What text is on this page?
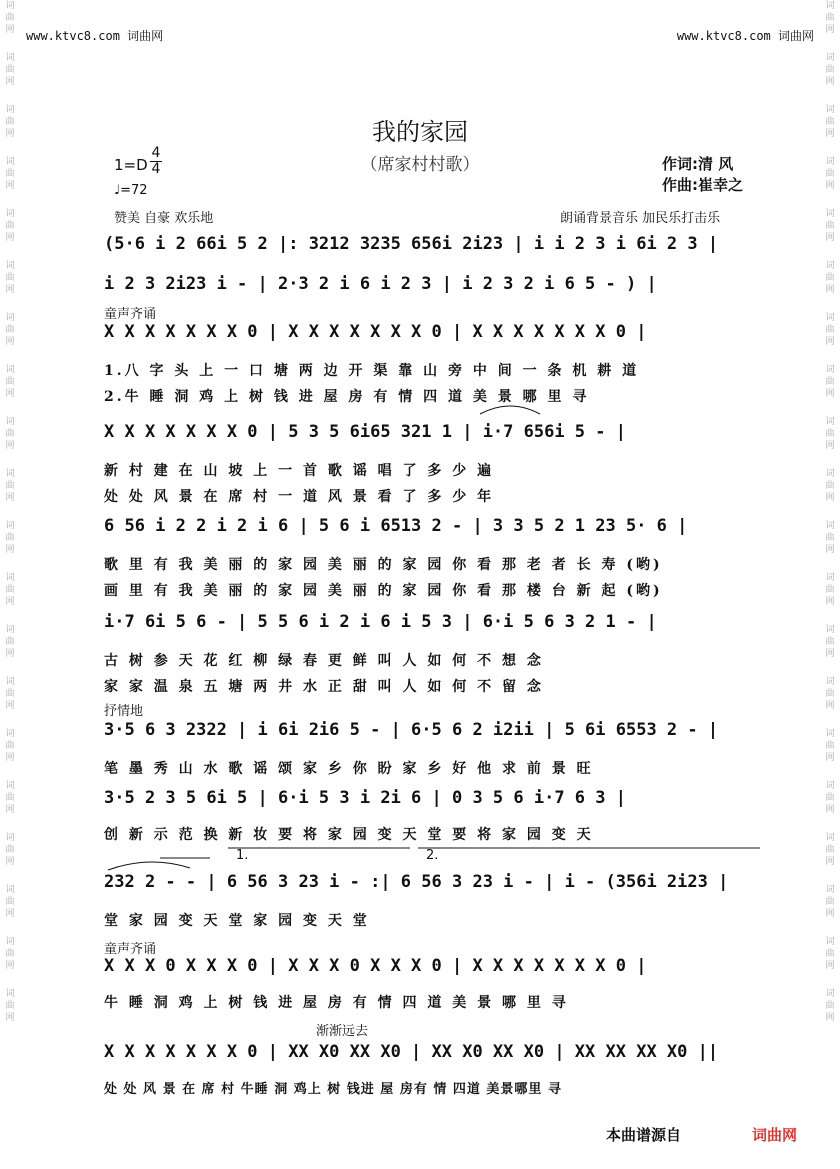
词曲网
词曲网
词曲网
词曲网
词曲网
词曲网
词曲网
词曲网
词曲网
词曲网
词曲网
词曲网
词曲网
词曲网
词曲网
词曲网
词曲网
词曲网
词曲网
词曲网
词曲网
词曲网
词曲网
词曲网
词曲网
词曲网
词曲网
词曲网
词曲网
词曲网
词曲网
词曲网
词曲网
词曲网
词曲网
词曲网
词曲网
词曲网
词曲网
词曲网
www.ktvc8.com 词曲网	www.ktvc8.com 词曲网
我的家园
（席家村村歌）
1=D
4
4
♩=72
作词:清 风
作曲:崔幸之
赞美 自豪 欢乐地	朗诵背景音乐 加民乐打击乐
童声齐诵
抒情地
1.	2.
童声齐诵
渐渐远去
(5·6 i 2 66i 5 2 |: 3212 3235 656i 2i23 | i i 2 3 i 6i 2 3 |
i 2 3 2i23 i - | 2·3 2 i 6 i 2 3 | i 2 3 2 i 6 5 - ) |
X X X X X X X 0 | X X X X X X X 0 | X X X X X X X 0 |
1.八 字 头 上 一 口 塘 两 边 开 渠 靠 山 旁 中 间 一 条 机 耕 道
2.牛 睡 洞 鸡 上 树 钱 进 屋 房 有 情 四 道 美 景 哪 里 寻
X X X X X X X 0 | 5 3 5 6i65 321 1 | i·7 656i 5 - |
新 村 建 在 山 坡 上 一 首 歌 谣 唱 了 多 少 遍
处 处 风 景 在 席 村 一 道 风 景 看 了 多 少 年
6 56 i 2 2 i 2 i 6 | 5 6 i 6513 2 - | 3 3 5 2 1 23 5· 6 |
歌 里 有 我 美 丽 的 家 园 美 丽 的 家 园 你 看 那 老 者 长 寿 (哟)
画 里 有 我 美 丽 的 家 园 美 丽 的 家 园 你 看 那 楼 台 新 起 (哟)
i·7 6i 5 6 - | 5 5 6 i 2 i 6 i 5 3 | 6·i 5 6 3 2 1 - |
古 树 参 天 花 红 柳 绿 春 更 鲜 叫 人 如 何 不 想 念
家 家 温 泉 五 塘 两 井 水 正 甜 叫 人 如 何 不 留 念
3·5 6 3 2322 | i 6i 2i6 5 - | 6·5 6 2 i2ii | 5 6i 6553 2 - |
笔 墨 秀 山 水 歌 谣 颂 家 乡 你 盼 家 乡 好 他 求 前 景 旺
3·5 2 3 5 6i 5 | 6·i 5 3 i 2i 6 | 0 3 5 6 i·7 6 3 |
创 新 示 范 换 新 妆 要 将 家 园 变 天 堂 要 将 家 园 变 天
232 2 - - | 6 56 3 23 i - :| 6 56 3 23 i - | i - (356i 2i23 |
堂 家 园 变 天 堂 家 园 变 天 堂
X X X 0 X X X 0 | X X X 0 X X X 0 | X X X X X X X 0 |
牛 睡 洞 鸡 上 树 钱 进 屋 房 有 情 四 道 美 景 哪 里 寻
X X X X X X X 0 | XX X0 XX X0 | XX X0 XX X0 | XX XX XX X0 ||
处 处 风 景 在 席 村 牛睡 洞 鸡上 树 钱进 屋 房有 情 四道 美景哪里 寻
本曲谱源自	词曲网
